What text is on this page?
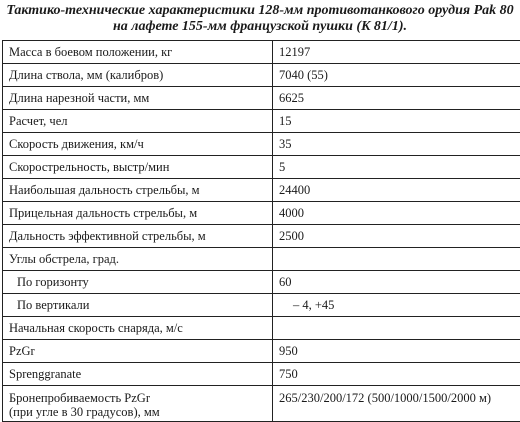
Тактико-технические характеристики 128-мм противотанкового орудия Pak 80
на лафете 155-мм французской пушки (K 81/1).
Масса в боевом положении, кг	12197
Длина ствола, мм (калибров)	7040 (55)
Длина нарезной части, мм	6625
Расчет, чел	15
Скорость движения, км/ч	35
Скорострельность, выстр/мин	5
Наибольшая дальность стрельбы, м	24400
Прицельная дальность стрельбы, м	4000
Дальность эффективной стрельбы, м	2500
Углы обстрела, град.	
По горизонту	60
По вертикали	– 4, +45
Начальная скорость снаряда, м/с	
PzGr	950
Sprenggranate	750
Бронепробиваемость PzGr
(при угле в 30 градусов), мм	265/230/200/172 (500/1000/1500/2000 м)
